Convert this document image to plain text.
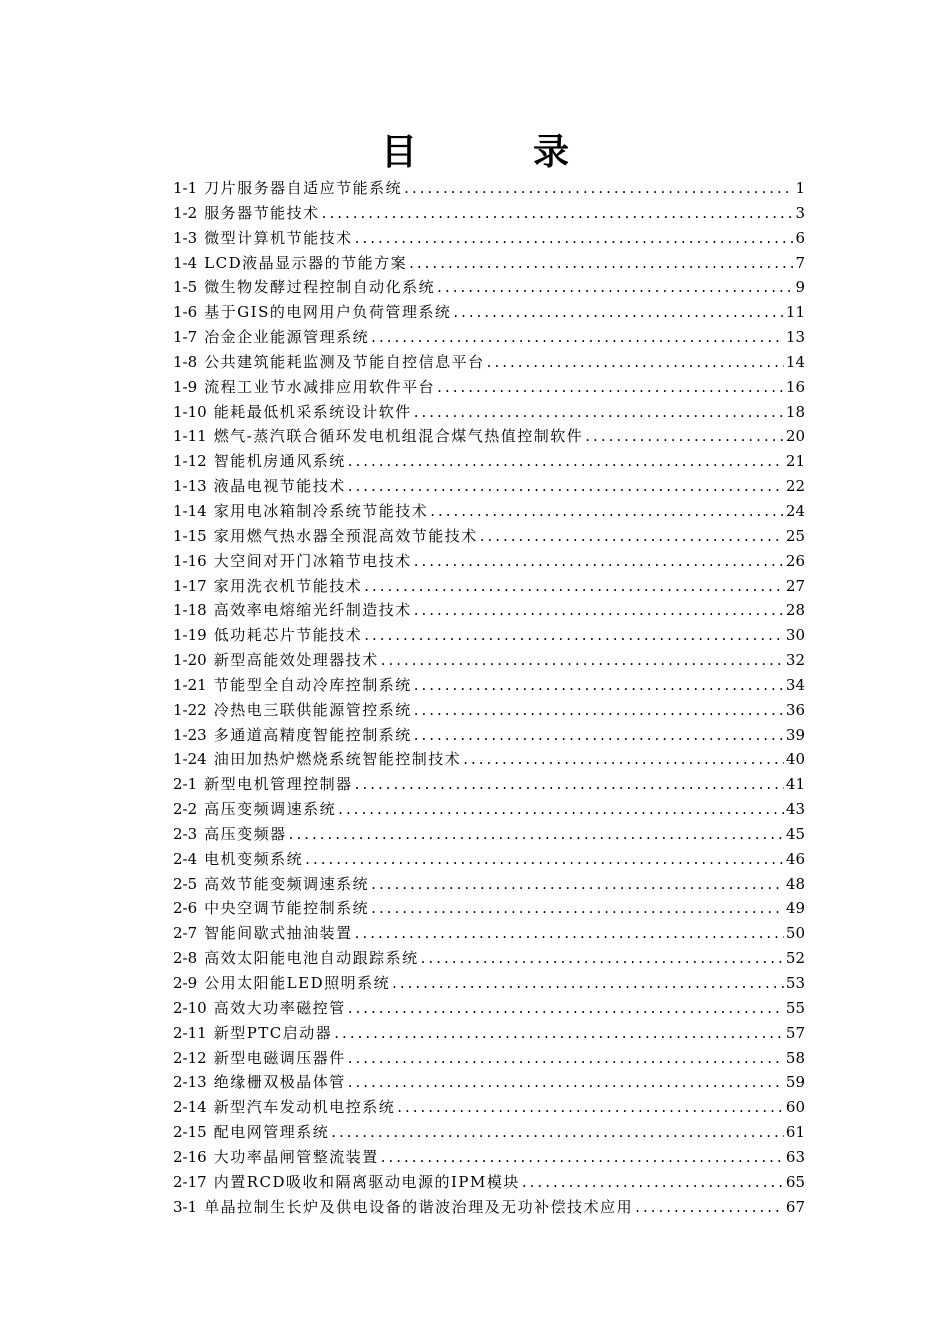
目　录
1-1 刀片服务器自适应节能系统 .....	1
1-2 服务器节能技术 .....	3
1-3 微型计算机节能技术 .....	6
1-4 LCD液晶显示器的节能方案 .....	7
1-5 微生物发酵过程控制自动化系统 .....	9
1-6 基于GIS的电网用户负荷管理系统 .....	11
1-7 冶金企业能源管理系统 .....	13
1-8 公共建筑能耗监测及节能自控信息平台 .....	14
1-9 流程工业节水减排应用软件平台 .....	16
1-10 能耗最低机采系统设计软件 .....	18
1-11 燃气-蒸汽联合循环发电机组混合煤气热值控制软件 .....	20
1-12 智能机房通风系统 .....	21
1-13 液晶电视节能技术 .....	22
1-14 家用电冰箱制冷系统节能技术 .....	24
1-15 家用燃气热水器全预混高效节能技术 .....	25
1-16 大空间对开门冰箱节电技术 .....	26
1-17 家用洗衣机节能技术 .....	27
1-18 高效率电熔缩光纤制造技术 .....	28
1-19 低功耗芯片节能技术 .....	30
1-20 新型高能效处理器技术 .....	32
1-21 节能型全自动冷库控制系统 .....	34
1-22 冷热电三联供能源管控系统 .....	36
1-23 多通道高精度智能控制系统 .....	39
1-24 油田加热炉燃烧系统智能控制技术 .....	40
2-1 新型电机管理控制器 .....	41
2-2 高压变频调速系统 .....	43
2-3 高压变频器 .....	45
2-4 电机变频系统 .....	46
2-5 高效节能变频调速系统 .....	48
2-6 中央空调节能控制系统 .....	49
2-7 智能间歇式抽油装置 .....	50
2-8 高效太阳能电池自动跟踪系统 .....	52
2-9 公用太阳能LED照明系统 .....	53
2-10 高效大功率磁控管 .....	55
2-11 新型PTC启动器 .....	57
2-12 新型电磁调压器件 .....	58
2-13 绝缘栅双极晶体管 .....	59
2-14 新型汽车发动机电控系统 .....	60
2-15 配电网管理系统 .....	61
2-16 大功率晶闸管整流装置 .....	63
2-17 内置RCD吸收和隔离驱动电源的IPM模块 .....	65
3-1 单晶拉制生长炉及供电设备的谐波治理及无功补偿技术应用 .....	67
